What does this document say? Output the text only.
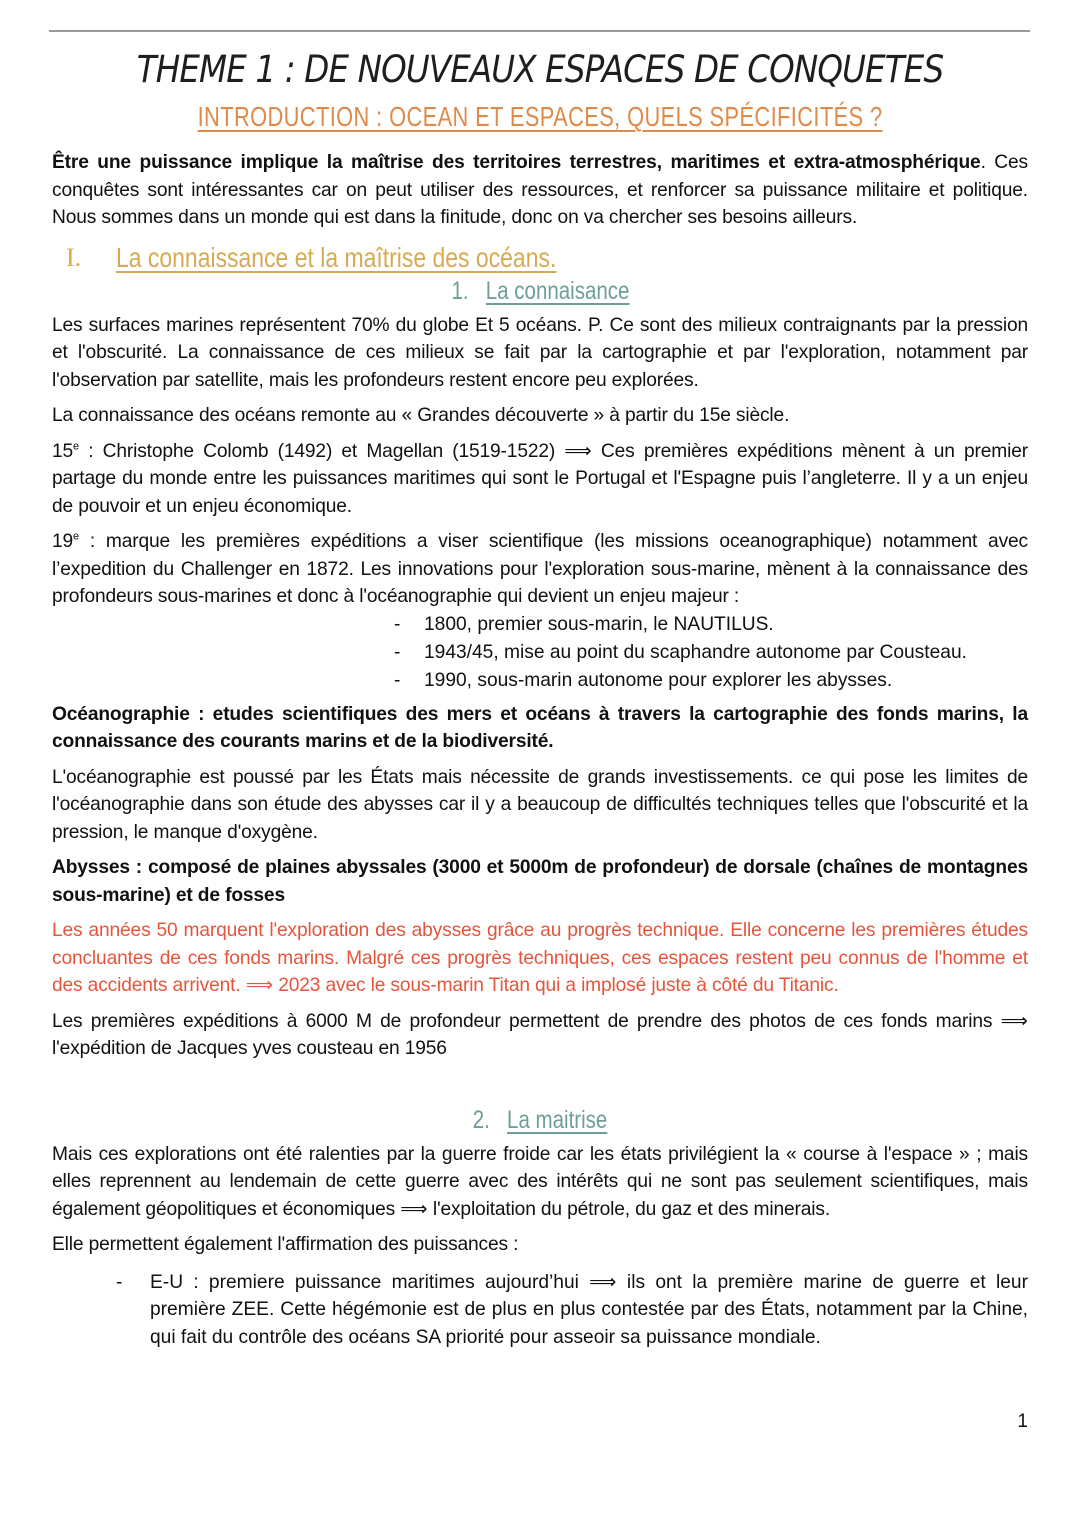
THEME 1 : DE NOUVEAUX ESPACES DE CONQUETES
INTRODUCTION : OCEAN ET ESPACES, QUELS SPÉCIFICITÉS ?

Être une puissance implique la maîtrise des territoires terrestres, maritimes et extra-atmosphérique. Ces conquêtes sont intéressantes car on peut utiliser des ressources, et renforcer sa puissance militaire et politique. Nous sommes dans un monde qui est dans la finitude, donc on va chercher ses besoins ailleurs.

I. La connaissance et la maîtrise des océans.
1. La connaisance

Les surfaces marines représentent 70% du globe Et 5 océans. P. Ce sont des milieux contraignants par la pression et l'obscurité. La connaissance de ces milieux se fait par la cartographie et par l'exploration, notamment par l'observation par satellite, mais les profondeurs restent encore peu explorées.

La connaissance des océans remonte au « Grandes découverte » à partir du 15e siècle.

15e : Christophe Colomb (1492) et Magellan (1519-1522) ⟹ Ces premières expéditions mènent à un premier partage du monde entre les puissances maritimes qui sont le Portugal et l'Espagne puis l’angleterre. Il y a un enjeu de pouvoir et un enjeu économique.

19e : marque les premières expéditions a viser scientifique (les missions oceanographique) notamment avec l’expedition du Challenger en 1872. Les innovations pour l'exploration sous-marine, mènent à la connaissance des profondeurs sous-marines et donc à l'océanographie qui devient un enjeu majeur :

- 1800, premier sous-marin, le NAUTILUS.
- 1943/45, mise au point du scaphandre autonome par Cousteau.
- 1990, sous-marin autonome pour explorer les abysses.

Océanographie : etudes scientifiques des mers et océans à travers la cartographie des fonds marins, la connaissance des courants marins et de la biodiversité.

L'océanographie est poussé par les États mais nécessite de grands investissements. ce qui pose les limites de l'océanographie dans son étude des abysses car il y a beaucoup de difficultés techniques telles que l'obscurité et la pression, le manque d'oxygène.

Abysses : composé de plaines abyssales (3000 et 5000m de profondeur) de dorsale (chaînes de montagnes sous-marine) et de fosses

Les années 50 marquent l'exploration des abysses grâce au progrès technique. Elle concerne les premières études concluantes de ces fonds marins. Malgré ces progrès techniques, ces espaces restent peu connus de l'homme et des accidents arrivent. ⟹ 2023 avec le sous-marin Titan qui a implosé juste à côté du Titanic.

Les premières expéditions à 6000 M de profondeur permettent de prendre des photos de ces fonds marins ⟹ l'expédition de Jacques yves cousteau en 1956

2. La maitrise

Mais ces explorations ont été ralenties par la guerre froide car les états privilégient la « course à l'espace » ; mais elles reprennent au lendemain de cette guerre avec des intérêts qui ne sont pas seulement scientifiques, mais également géopolitiques et économiques ⟹ l'exploitation du pétrole, du gaz et des minerais.

Elle permettent également l'affirmation des puissances :

- E-U : premiere puissance maritimes aujourd’hui ⟹ ils ont la première marine de guerre et leur première ZEE. Cette hégémonie est de plus en plus contestée par des États, notamment par la Chine, qui fait du contrôle des océans SA priorité pour asseoir sa puissance mondiale.
1
